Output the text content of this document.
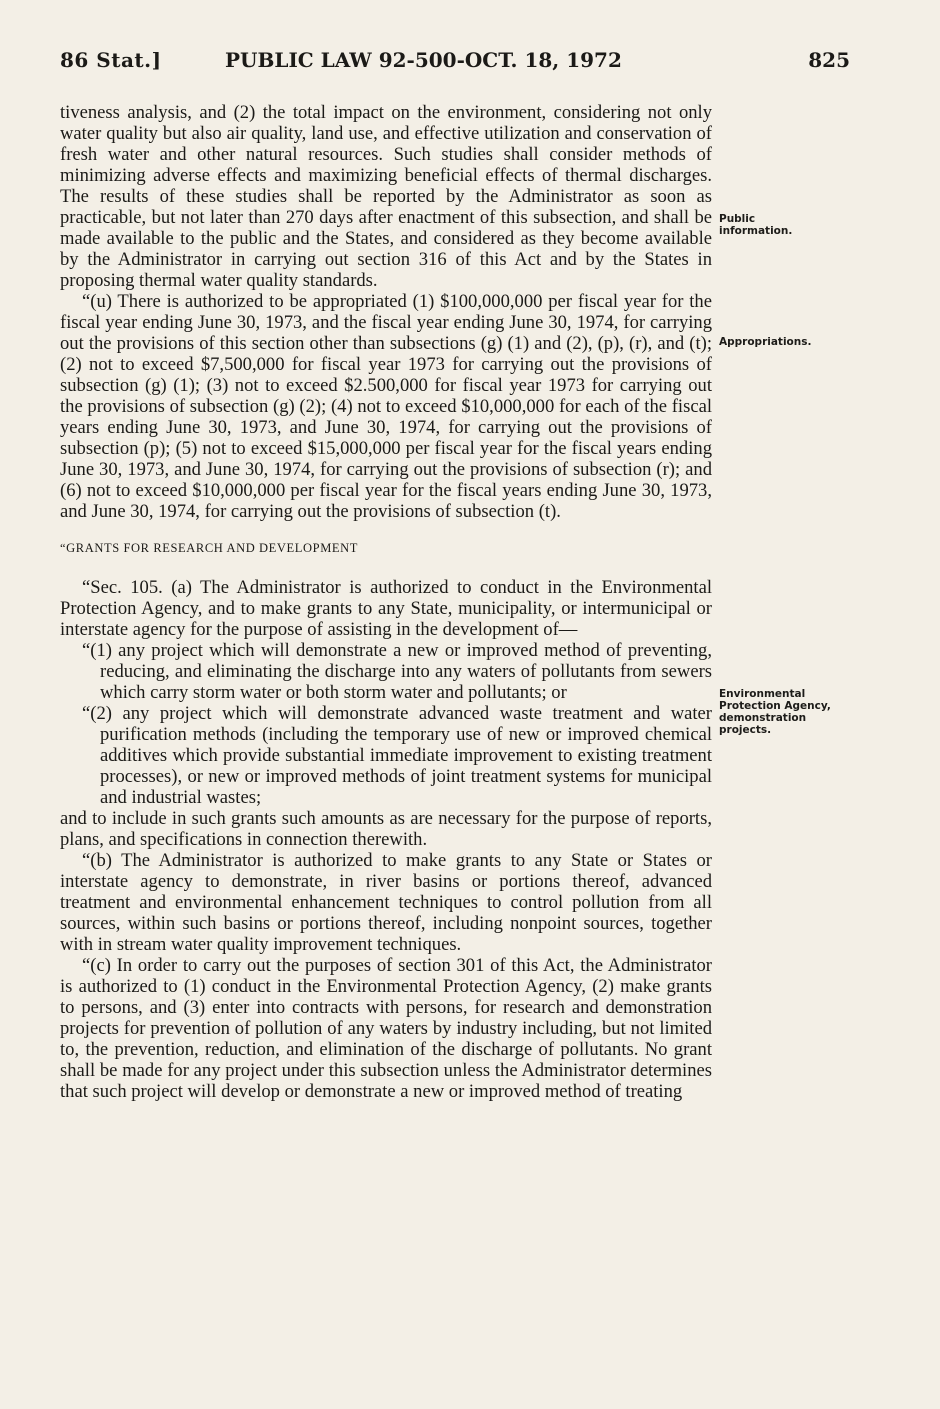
86 Stat.]	PUBLIC LAW 92-500-OCT. 18, 1972	825

tiveness analysis, and (2) the total impact on the environment, considering not only water quality but also air quality, land use, and effective utilization and conservation of fresh water and other natural resources. Such studies shall consider methods of minimizing adverse effects and maximizing beneficial effects of thermal discharges. The results of these studies shall be reported by the Administrator as soon as practicable, but not later than 270 days after enactment of this subsection, and shall be made available to the public and the States, and considered as they become available by the Administrator in carrying out section 316 of this Act and by the States in proposing thermal water quality standards.

“(u) There is authorized to be appropriated (1) $100,000,000 per fiscal year for the fiscal year ending June 30, 1973, and the fiscal year ending June 30, 1974, for carrying out the provisions of this section other than subsections (g) (1) and (2), (p), (r), and (t); (2) not to exceed $7,500,000 for fiscal year 1973 for carrying out the provisions of subsection (g) (1); (3) not to exceed $2.500,000 for fiscal year 1973 for carrying out the provisions of subsection (g) (2); (4) not to exceed $10,000,000 for each of the fiscal years ending June 30, 1973, and June 30, 1974, for carrying out the provisions of subsection (p); (5) not to exceed $15,000,000 per fiscal year for the fiscal years ending June 30, 1973, and June 30, 1974, for carrying out the provisions of subsection (r); and (6) not to exceed $10,000,000 per fiscal year for the fiscal years ending June 30, 1973, and June 30, 1974, for carrying out the provisions of subsection (t).

“GRANTS FOR RESEARCH AND DEVELOPMENT

“Sec. 105. (a) The Administrator is authorized to conduct in the Environmental Protection Agency, and to make grants to any State, municipality, or intermunicipal or interstate agency for the purpose of assisting in the development of—

“(1) any project which will demonstrate a new or improved method of preventing, reducing, and eliminating the discharge into any waters of pollutants from sewers which carry storm water or both storm water and pollutants; or

“(2) any project which will demonstrate advanced waste treatment and water purification methods (including the temporary use of new or improved chemical additives which provide substantial immediate improvement to existing treatment processes), or new or improved methods of joint treatment systems for municipal and industrial wastes;

and to include in such grants such amounts as are necessary for the purpose of reports, plans, and specifications in connection therewith.

“(b) The Administrator is authorized to make grants to any State or States or interstate agency to demonstrate, in river basins or portions thereof, advanced treatment and environmental enhancement techniques to control pollution from all sources, within such basins or portions thereof, including nonpoint sources, together with in stream water quality improvement techniques.

“(c) In order to carry out the purposes of section 301 of this Act, the Administrator is authorized to (1) conduct in the Environmental Protection Agency, (2) make grants to persons, and (3) enter into contracts with persons, for research and demonstration projects for prevention of pollution of any waters by industry including, but not limited to, the prevention, reduction, and elimination of the discharge of pollutants. No grant shall be made for any project under this subsection unless the Administrator determines that such project will develop or demonstrate a new or improved method of treating

Public information.
Appropriations.
Environmental Protection Agency, demonstration projects.
